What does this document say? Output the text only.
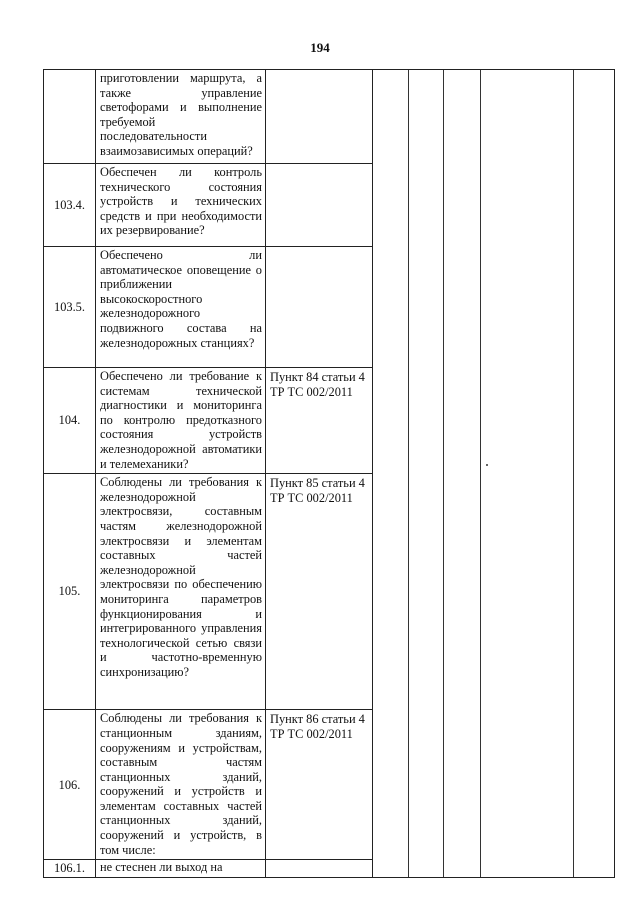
194
	приготовлении маршрута, а также управление светофорами и выполнение требуемой последовательности взаимозависимых операций?		

103.4.	Обеспечен ли контроль технического состояния устройств и технических средств и при необходимости их резервирование?		
103.5.	Обеспечено ли автоматическое оповещение о приближении высокоскоростного железнодорожного подвижного состава на железнодорожных станциях?		
104.	Обеспечено ли требование к системам технической диагностики и мониторинга по контролю предотказного состояния устройств железнодорожной автоматики и телемеханики?	Пункт 84 статьи 4 ТР ТС 002/2011	
105.	Соблюдены ли требования к железнодорожной электросвязи, составным частям железнодорожной электросвязи и элементам составных частей железнодорожной электросвязи по обеспечению мониторинга параметров функционирования и интегрированного управления технологической сетью связи и частотно-временную синхронизацию?	Пункт 85 статьи 4 ТР ТС 002/2011	
106.	Соблюдены ли требования к станционным зданиям, сооружениям и устройствам, составным частям станционных зданий, сооружений и устройств и элементам составных частей станционных зданий, сооружений и устройств, в том числе:	Пункт 86 статьи 4 ТР ТС 002/2011	
106.1.	не стеснен ли выход на		
